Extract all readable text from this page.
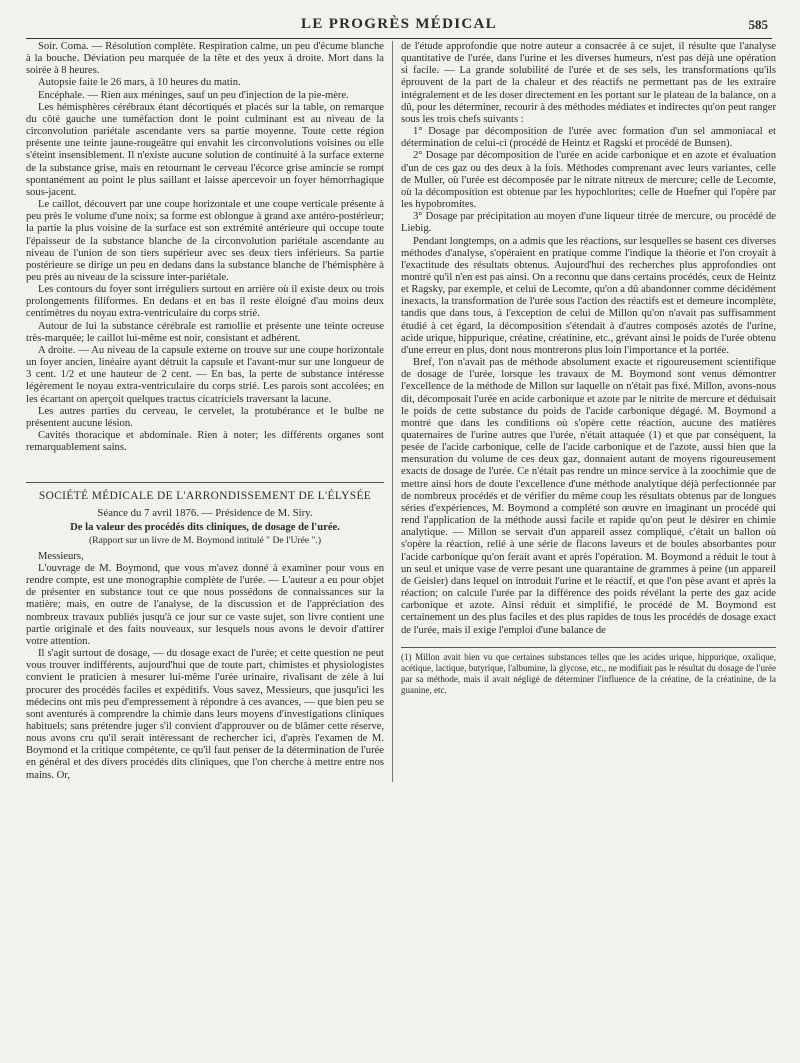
LE PROGRÈS MÉDICAL	585

Soir. Coma. — Résolution complète. Respiration calme, un peu d'écume blanche à la bouche. Déviation peu marquée de la tête et des yeux à droite. Mort dans la soirée à 8 heures.

Autopsie faite le 26 mars, à 10 heures du matin.

Encéphale. — Rien aux méninges, sauf un peu d'injection de la pie-mère.

Les hémisphères cérébraux étant décortiqués et placés sur la table, on remarque du côté gauche une tuméfaction dont le point culminant est au niveau de la circonvolution pariétale ascendante vers sa partie moyenne. Toute cette région présente une teinte jaune-rougeâtre qui envahit les circonvolutions voisines ou elle s'éteint insensiblement. Il n'existe aucune solution de continuité à la surface externe de la substance grise, mais en retournant le cerveau l'écorce grise amincie se rompt spontanément au point le plus saillant et laisse apercevoir un foyer hémorrhagique sous-jacent.

Le caillot, découvert par une coupe horizontale et une coupe verticale présente à peu près le volume d'une noix; sa forme est oblongue à grand axe antéro-postérieur; la partie la plus voisine de la surface est son extrémité antérieure qui occupe toute l'épaisseur de la substance blanche de la circonvolution pariétale ascendante au niveau de l'union de son tiers supérieur avec ses deux tiers inférieurs. Sa partie postérieure se dirige un peu en dedans dans la substance blanche de l'hémisphère à peu près au niveau de la scissure inter-pariétale.

Les contours du foyer sont irréguliers surtout en arrière où il existe deux ou trois prolongements filiformes. En dedans et en bas il reste éloigné d'au moins deux centimètres du noyau extra-ventriculaire du corps strié.

Autour de lui la substance cérébrale est ramollie et présente une teinte ocreuse très-marquée; le caillot lui-même est noir, consistant et adhérent.

A droite. — Au niveau de la capsule externe on trouve sur une coupe horizontale un foyer ancien, linéaire ayant détruit la capsule et l'avant-mur sur une longueur de 3 cent. 1/2 et une hauteur de 2 cent. — En bas, la perte de substance intéresse légèrement le noyau extra-ventriculaire du corps strié. Les parois sont accolées; en les écartant on aperçoit quelques tractus cicatriciels traversant la lacune.

Les autres parties du cerveau, le cervelet, la protubérance et le bulbe ne présentent aucune lésion.

Cavités thoracique et abdominale. Rien à noter; les différents organes sont remarquablement sains.

SOCIÉTÉ MÉDICALE DE L'ARRONDISSEMENT DE L'ÉLYSÉE
Séance du 7 avril 1876. — Présidence de M. Siry.
De la valeur des procédés dits cliniques, de dosage de l'urée.
(Rapport sur un livre de M. Boymond intitulé " De l'Urée ".)

Messieurs,

L'ouvrage de M. Boymond, que vous m'avez donné à examiner pour vous en rendre compte, est une monographie complète de l'urée. — L'auteur a eu pour objet de présenter en substance tout ce que nous possédons de connaissances sur la matière; mais, en outre de l'analyse, de la discussion et de l'appréciation des nombreux travaux publiés jusqu'à ce jour sur ce vaste sujet, son livre contient une partie originale et des faits nouveaux, sur lesquels nous avons le devoir d'attirer votre attention.

Il s'agit surtout de dosage, — du dosage exact de l'urée; et cette question ne peut vous trouver indifférents, aujourd'hui que de toute part, chimistes et physiologistes convient le praticien à mesurer lui-même l'urée urinaire, rivalisant de zèle à lui procurer des procédés faciles et expéditifs. Vous savez, Messieurs, que jusqu'ici les médecins ont mis peu d'empressement à répondre à ces avances, — que bien peu se sont aventurés à comprendre la chimie dans leurs moyens d'investigations cliniques habituels; sans prétendre juger s'il convient d'approuver ou de blâmer cette réserve, nous avons cru qu'il serait intéressant de rechercher ici, d'après l'examen de M. Boymond et la critique compétente, ce qu'il faut penser de la détermination de l'urée en général et des divers procédés dits cliniques, que l'on cherche à mettre entre nos mains. Or,

de l'étude approfondie que notre auteur a consacrée à ce sujet, il résulte que l'analyse quantitative de l'urée, dans l'urine et les diverses humeurs, n'est pas déjà une opération si facile. — La grande solubilité de l'urée et de ses sels, les transformations qu'ils éprouvent de la part de la chaleur et des réactifs ne permettant pas de les extraire intégralement et de les doser directement en les portant sur le plateau de la balance, on a dû, pour les déterminer, recourir à des méthodes médiates et indirectes qu'on peut ranger sous les trois chefs suivants :

1° Dosage par décomposition de l'urée avec formation d'un sel ammoniacal et détermination de celui-ci (procédé de Heintz et Ragski et procédé de Bunsen).

2° Dosage par décomposition de l'urée en acide carbonique et en azote et évaluation d'un de ces gaz ou des deux à la fois. Méthodes comprenant avec leurs variantes, celle de Muller, où l'urée est décomposée par le nitrate nitreux de mercure; celle de Lecomte, où la décomposition est obtenue par les hypochlorites; celle de Huefner qui l'opère par les hypobromites.

3° Dosage par précipitation au moyen d'une liqueur titrée de mercure, ou procédé de Liebig.

Pendant longtemps, on a admis que les réactions, sur lesquelles se basent ces diverses méthodes d'analyse, s'opéraient en pratique comme l'indique la théorie et l'on croyait à l'exactitude des résultats obtenus. Aujourd'hui des recherches plus approfondies ont montré qu'il n'en est pas ainsi. On a reconnu que dans certains procédés, ceux de Heintz et Ragsky, par exemple, et celui de Lecomte, qu'on a dû abandonner comme décidément inexacts, la transformation de l'urée sous l'action des réactifs est et demeure incomplète, tandis que dans tous, à l'exception de celui de Millon qu'on n'avait pas suffisamment étudié à cet égard, la décomposition s'étendait à d'autres composés azotés de l'urine, acide urique, hippurique, créatine, créatinine, etc., grévant ainsi le poids de l'urée obtenu d'une erreur en plus, dont nous montrerons plus loin l'importance et la portée.

Bref, l'on n'avait pas de méthode absolument exacte et rigoureusement scientifique de dosage de l'urée, lorsque les travaux de M. Boymond sont venus démontrer l'excellence de la méthode de Millon sur laquelle on n'était pas fixé. Millon, avons-nous dit, décomposait l'urée en acide carbonique et azote par le nitrite de mercure et déduisait le poids de cette substance du poids de l'acide carbonique dégagé. M. Boymond a montré que dans les conditions où s'opère cette réaction, aucune des matières quaternaires de l'urine autres que l'urée, n'était attaquée (1) et que par conséquent, la pesée de l'acide carbonique, celle de l'acide carbonique et de l'azote, aussi bien que la mensuration du volume de ces deux gaz, donnaient autant de moyens rigoureusement exacts de dosage de l'urée. Ce n'était pas rendre un mince service à la zoochimie que de mettre ainsi hors de doute l'excellence d'une méthode analytique déjà perfectionnée par de nombreux procédés et de vérifier du même coup les résultats obtenus par de longues séries d'expériences, M. Boymond a complété son œuvre en imaginant un procédé qui rend l'application de la méthode aussi facile et rapide qu'on peut le désirer en chimie analytique. — Millon se servait d'un appareil assez compliqué, c'était un ballon où s'opère la réaction, relié à une série de flacons laveurs et de boules absorbantes pour l'acide carbonique qu'on ferait avant et après l'opération. M. Boymond a réduit le tout à un seul et unique vase de verre pesant une quarantaine de grammes à peine (un appareil de Geisler) dans lequel on introduit l'urine et le réactif, et que l'on pèse avant et après la réaction; on calcule l'urée par la différence des poids révélant la perte des gaz acide carbonique et azote. Ainsi réduit et simplifié, le procédé de M. Boymond est certainement un des plus faciles et des plus rapides de tous les procédés de dosage exact de l'urée, mais il exige l'emploi d'une balance de

(1) Millon avait bien vu que certaines substances telles que les acides urique, hippurique, oxalique, acétique, lactique, butyrique, l'albumine, la glycose, etc., ne modifiait pas le résultat du dosage de l'urée par sa méthode, mais il avait négligé de déterminer l'influence de la créatine, de la créatinine, de la guanine, etc.
